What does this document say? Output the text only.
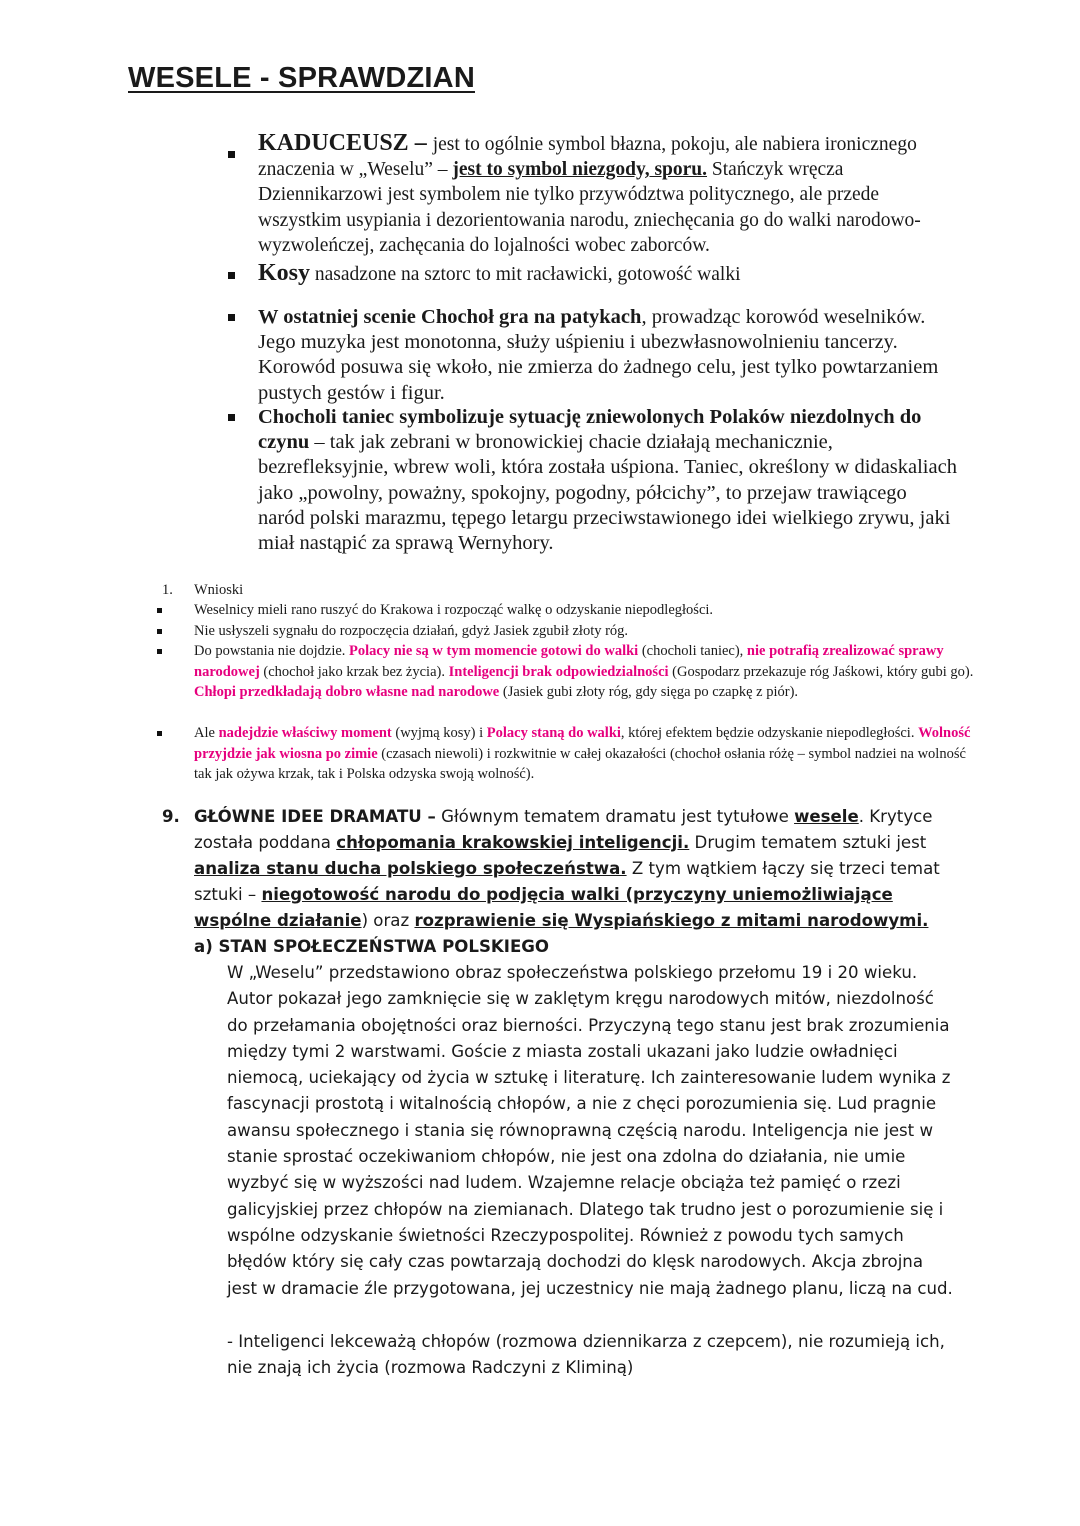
WESELE - SPRAWDZIAN

KADUCEUSZ – jest to ogólnie symbol błazna, pokoju, ale nabiera ironicznego znaczenia w „Weselu” – jest to symbol niezgody, sporu. Stańczyk wręcza Dziennikarzowi jest symbolem nie tylko przywództwa politycznego, ale przede wszystkim usypiania i dezorientowania narodu, zniechęcania go do walki narodowo-wyzwoleńczej, zachęcania do lojalności wobec zaborców.

Kosy nasadzone na sztorc to mit racławicki, gotowość walki

W ostatniej scenie Chochoł gra na patykach, prowadząc korowód weselników. Jego muzyka jest monotonna, służy uśpieniu i ubezwłasnowolnieniu tancerzy. Korowód posuwa się wkoło, nie zmierza do żadnego celu, jest tylko powtarzaniem pustych gestów i figur.

Chocholi taniec symbolizuje sytuację zniewolonych Polaków niezdolnych do czynu – tak jak zebrani w bronowickiej chacie działają mechanicznie, bezrefleksyjnie, wbrew woli, która została uśpiona. Taniec, określony w didaskaliach jako „powolny, poważny, spokojny, pogodny, półcichy”, to przejaw trawiącego naród polski marazmu, tępego letargu przeciwstawionego idei wielkiego zrywu, jaki miał nastąpić za sprawą Wernyhory.

1. Wnioski

Weselnicy mieli rano ruszyć do Krakowa i rozpocząć walkę o odzyskanie niepodległości.

Nie usłyszeli sygnału do rozpoczęcia działań, gdyż Jasiek zgubił złoty róg.

Do powstania nie dojdzie. Polacy nie są w tym momencie gotowi do walki (chocholi taniec), nie potrafią zrealizować sprawy narodowej (chochoł jako krzak bez życia). Inteligencji brak odpowiedzialności (Gospodarz przekazuje róg Jaśkowi, który gubi go). Chłopi przedkładają dobro własne nad narodowe (Jasiek gubi złoty róg, gdy sięga po czapkę z piór).

Ale nadejdzie właściwy moment (wyjmą kosy) i Polacy staną do walki, której efektem będzie odzyskanie niepodległości. Wolność przyjdzie jak wiosna po zimie (czasach niewoli) i rozkwitnie w całej okazałości (chochoł osłania różę – symbol nadziei na wolność tak jak ożywa krzak, tak i Polska odzyska swoją wolność).

9. GŁÓWNE IDEE DRAMATU – Głównym tematem dramatu jest tytułowe wesele. Krytyce została poddana chłopomania krakowskiej inteligencji. Drugim tematem sztuki jest analiza stanu ducha polskiego społeczeństwa. Z tym wątkiem łączy się trzeci temat sztuki – niegotowość narodu do podjęcia walki (przyczyny uniemożliwiające wspólne działanie) oraz rozprawienie się Wyspiańskiego z mitami narodowymi.

a) STAN SPOŁECZEŃSTWA POLSKIEGO

W „Weselu” przedstawiono obraz społeczeństwa polskiego przełomu 19 i 20 wieku. Autor pokazał jego zamknięcie się w zaklętym kręgu narodowych mitów, niezdolność do przełamania obojętności oraz bierności. Przyczyną tego stanu jest brak zrozumienia między tymi 2 warstwami. Goście z miasta zostali ukazani jako ludzie owładnięci niemocą, uciekający od życia w sztukę i literaturę. Ich zainteresowanie ludem wynika z fascynacji prostotą i witalnością chłopów, a nie z chęci porozumienia się. Lud pragnie awansu społecznego i stania się równoprawną częścią narodu. Inteligencja nie jest w stanie sprostać oczekiwaniom chłopów, nie jest ona zdolna do działania, nie umie wyzbyć się w wyższości nad ludem. Wzajemne relacje obciąża też pamięć o rzezi galicyjskiej przez chłopów na ziemianach. Dlatego tak trudno jest o porozumienie się i wspólne odzyskanie świetności Rzeczypospolitej. Również z powodu tych samych błędów który się cały czas powtarzają dochodzi do klęsk narodowych. Akcja zbrojna jest w dramacie źle przygotowana, jej uczestnicy nie mają żadnego planu, liczą na cud.

- Inteligenci lekceważą chłopów (rozmowa dziennikarza z czepcem), nie rozumieją ich, nie znają ich życia (rozmowa Radczyni z Kliminą)
